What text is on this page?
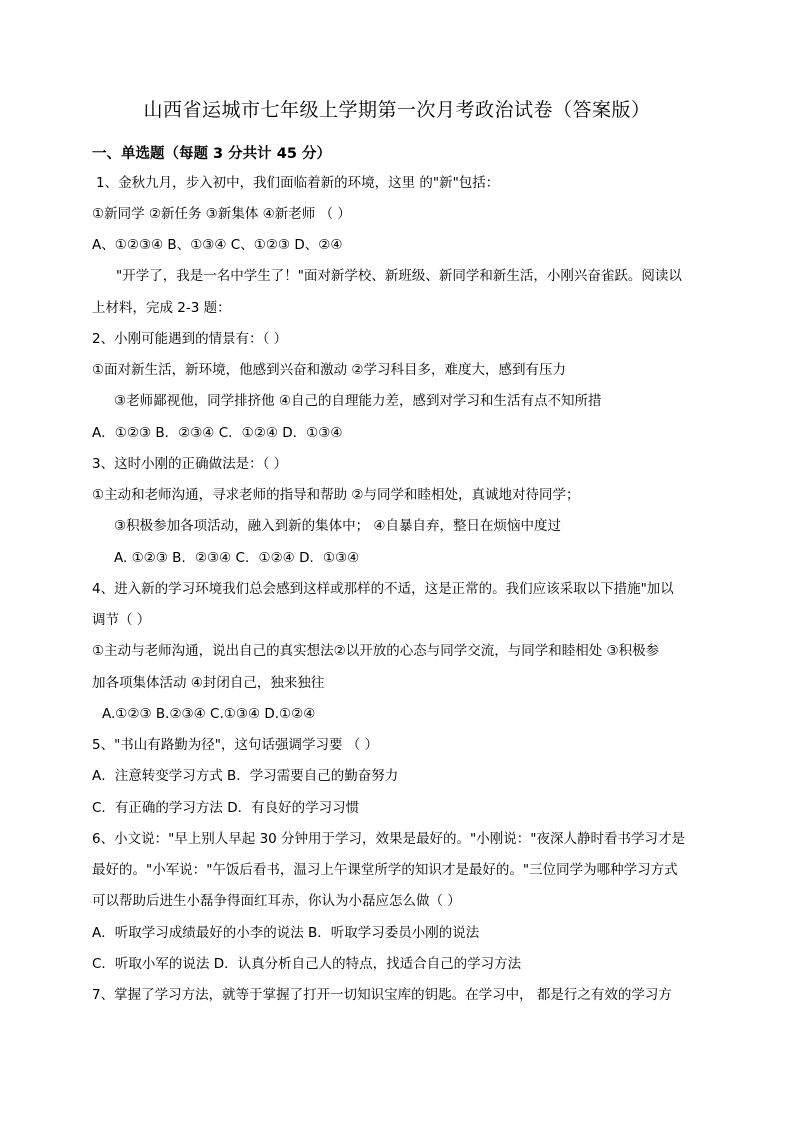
山西省运城市七年级上学期第一次月考政治试卷（答案版）
一、单选题（每题 3 分共计 45 分）
1、金秋九月，步入初中，我们面临着新的环境，这里 的"新"包括：
①新同学 ②新任务 ③新集体 ④新老师 （ ）
A、①②③④ B、①③④ C、①②③ D、②④
"开学了，我是一名中学生了！"面对新学校、新班级、新同学和新生活，小刚兴奋雀跃。阅读以
上材料，完成 2-3 题：
2、小刚可能遇到的情景有：（ ）
①面对新生活，新环境，他感到兴奋和激动 ②学习科目多，难度大，感到有压力
③老师鄙视他，同学排挤他 ④自己的自理能力差，感到对学习和生活有点不知所措
A．①②③ B．②③④ C．①②④ D．①③④
3、这时小刚的正确做法是：（ ）
①主动和老师沟通，寻求老师的指导和帮助 ②与同学和睦相处，真诚地对待同学；
③积极参加各项活动，融入到新的集体中； ④自暴自弃，整日在烦恼中度过
A. ①②③ B．②③④ C．①②④ D．①③④
4、进入新的学习环境我们总会感到这样或那样的不适，这是正常的。我们应该采取以下措施"加以
调节（ ）
①主动与老师沟通，说出自己的真实想法②以开放的心态与同学交流，与同学和睦相处 ③积极参
加各项集体活动 ④封闭自己，独来独往
A.①②③ B.②③④ C.①③④ D.①②④
5、"书山有路勤为径"，这句话强调学习要 （ ）
A．注意转变学习方式 B．学习需要自己的勤奋努力
C．有正确的学习方法 D．有良好的学习习惯
6、小文说："早上别人早起 30 分钟用于学习，效果是最好的。"小刚说："夜深人静时看书学习才是
最好的。"小军说："午饭后看书，温习上午课堂所学的知识才是最好的。"三位同学为哪种学习方式
可以帮助后进生小磊争得面红耳赤，你认为小磊应怎么做（ ）
A．听取学习成绩最好的小李的说法 B．听取学习委员小刚的说法
C．听取小军的说法 D．认真分析自己人的特点，找适合自己的学习方法
7、掌握了学习方法，就等于掌握了打开一切知识宝库的钥匙。在学习中， 都是行之有效的学习方
